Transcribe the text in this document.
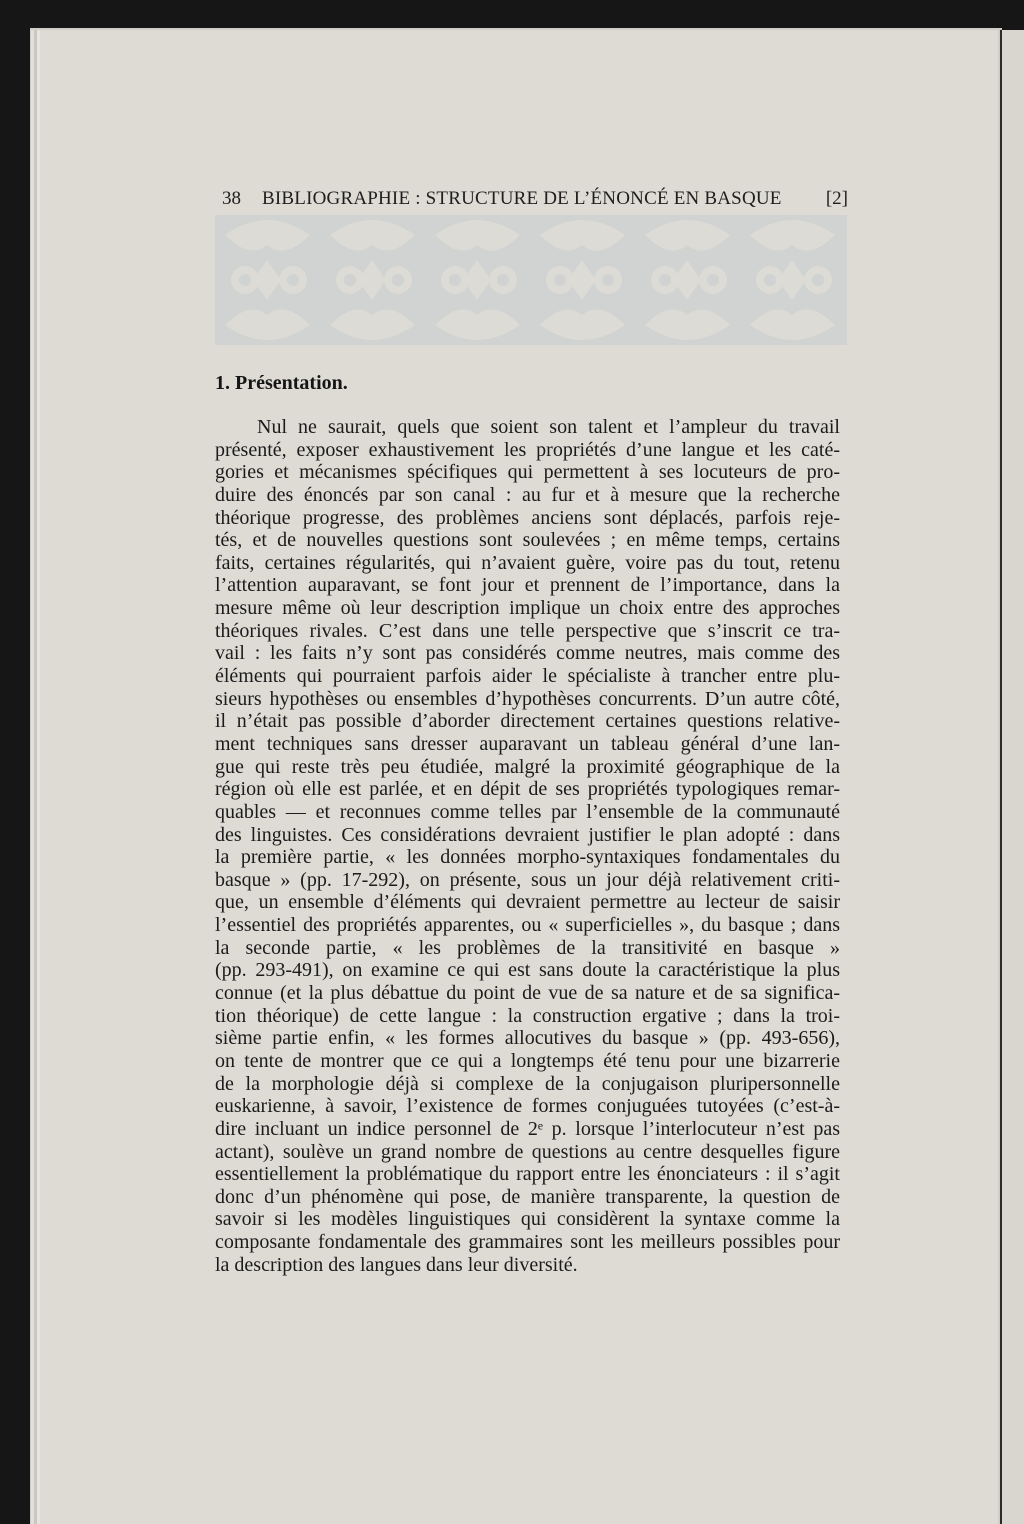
38 BIBLIOGRAPHIE : STRUCTURE DE L’ÉNONCÉ EN BASQUE [2]
1. Présentation.
Nul ne saurait, quels que soient son talent et l’ampleur du travail
présenté, exposer exhaustivement les propriétés d’une langue et les caté-
gories et mécanismes spécifiques qui permettent à ses locuteurs de pro-
duire des énoncés par son canal : au fur et à mesure que la recherche
théorique progresse, des problèmes anciens sont déplacés, parfois reje-
tés, et de nouvelles questions sont soulevées ; en même temps, certains
faits, certaines régularités, qui n’avaient guère, voire pas du tout, retenu
l’attention auparavant, se font jour et prennent de l’importance, dans la
mesure même où leur description implique un choix entre des approches
théoriques rivales. C’est dans une telle perspective que s’inscrit ce tra-
vail : les faits n’y sont pas considérés comme neutres, mais comme des
éléments qui pourraient parfois aider le spécialiste à trancher entre plu-
sieurs hypothèses ou ensembles d’hypothèses concurrents. D’un autre côté,
il n’était pas possible d’aborder directement certaines questions relative-
ment techniques sans dresser auparavant un tableau général d’une lan-
gue qui reste très peu étudiée, malgré la proximité géographique de la
région où elle est parlée, et en dépit de ses propriétés typologiques remar-
quables — et reconnues comme telles par l’ensemble de la communauté
des linguistes. Ces considérations devraient justifier le plan adopté : dans
la première partie, « les données morpho-syntaxiques fondamentales du
basque » (pp. 17-292), on présente, sous un jour déjà relativement criti-
que, un ensemble d’éléments qui devraient permettre au lecteur de saisir
l’essentiel des propriétés apparentes, ou « superficielles », du basque ; dans
la seconde partie, « les problèmes de la transitivité en basque »
(pp. 293-491), on examine ce qui est sans doute la caractéristique la plus
connue (et la plus débattue du point de vue de sa nature et de sa significa-
tion théorique) de cette langue : la construction ergative ; dans la troi-
sième partie enfin, « les formes allocutives du basque » (pp. 493-656),
on tente de montrer que ce qui a longtemps été tenu pour une bizarrerie
de la morphologie déjà si complexe de la conjugaison pluripersonnelle
euskarienne, à savoir, l’existence de formes conjuguées tutoyées (c’est-à-
dire incluant un indice personnel de 2ᵉ p. lorsque l’interlocuteur n’est pas
actant), soulève un grand nombre de questions au centre desquelles figure
essentiellement la problématique du rapport entre les énonciateurs : il s’agit
donc d’un phénomène qui pose, de manière transparente, la question de
savoir si les modèles linguistiques qui considèrent la syntaxe comme la
composante fondamentale des grammaires sont les meilleurs possibles pour
la description des langues dans leur diversité.
